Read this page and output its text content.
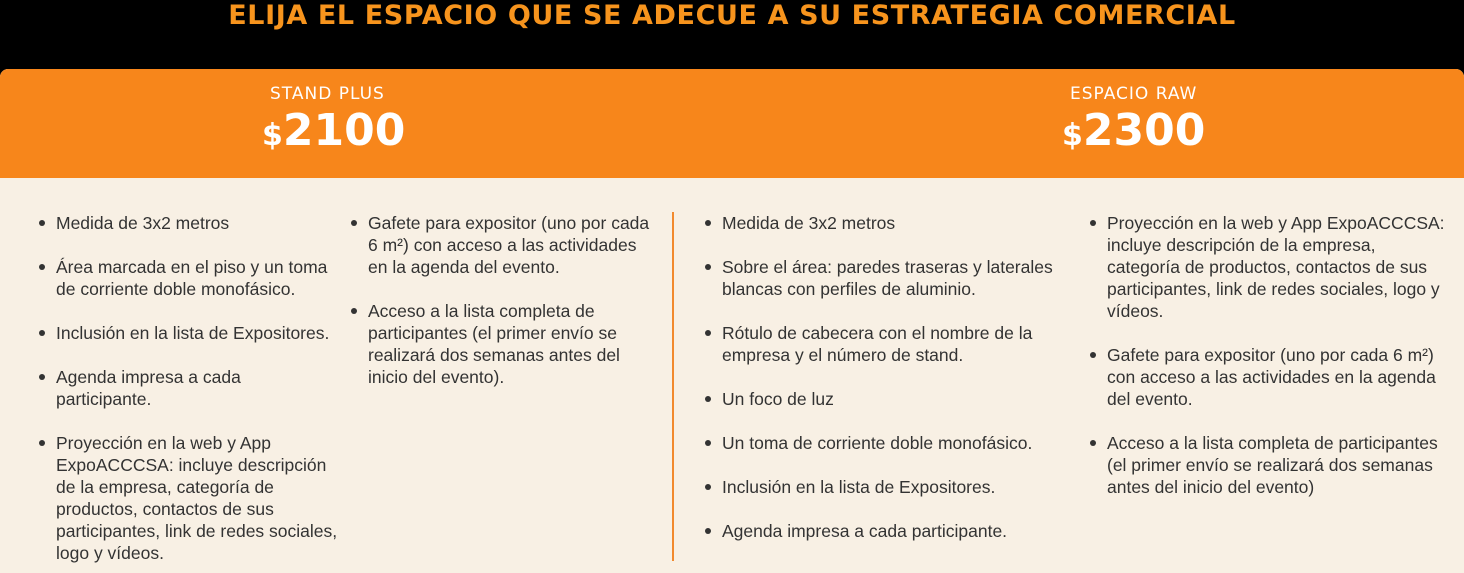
ELIJA EL ESPACIO QUE SE ADECUE A SU ESTRATEGIA COMERCIAL
STAND PLUS
$2100
ESPACIO RAW
$2300
Medida de 3x2 metros
Área marcada en el piso y un toma de corriente doble monofásico.
Inclusión en la lista de Expositores.
Agenda impresa a cada participante.
Proyección en la web y App ExpoACCCSA: incluye descripción de la empresa, categoría de productos, contactos de sus participantes, link de redes sociales, logo y vídeos.
Gafete para expositor (uno por cada 6 m²) con acceso a las actividades en la agenda del evento.
Acceso a la lista completa de participantes (el primer envío se realizará dos semanas antes del inicio del evento).
Medida de 3x2 metros
Sobre el área: paredes traseras y laterales blancas con perfiles de aluminio.
Rótulo de cabecera con el nombre de la empresa y el número de stand.
Un foco de luz
Un toma de corriente doble monofásico.
Inclusión en la lista de Expositores.
Agenda impresa a cada participante.
Proyección en la web y App ExpoACCCSA: incluye descripción de la empresa, categoría de productos, contactos de sus participantes, link de redes sociales, logo y vídeos.
Gafete para expositor (uno por cada 6 m²) con acceso a las actividades en la agenda del evento.
Acceso a la lista completa de participantes (el primer envío se realizará dos semanas antes del inicio del evento)
